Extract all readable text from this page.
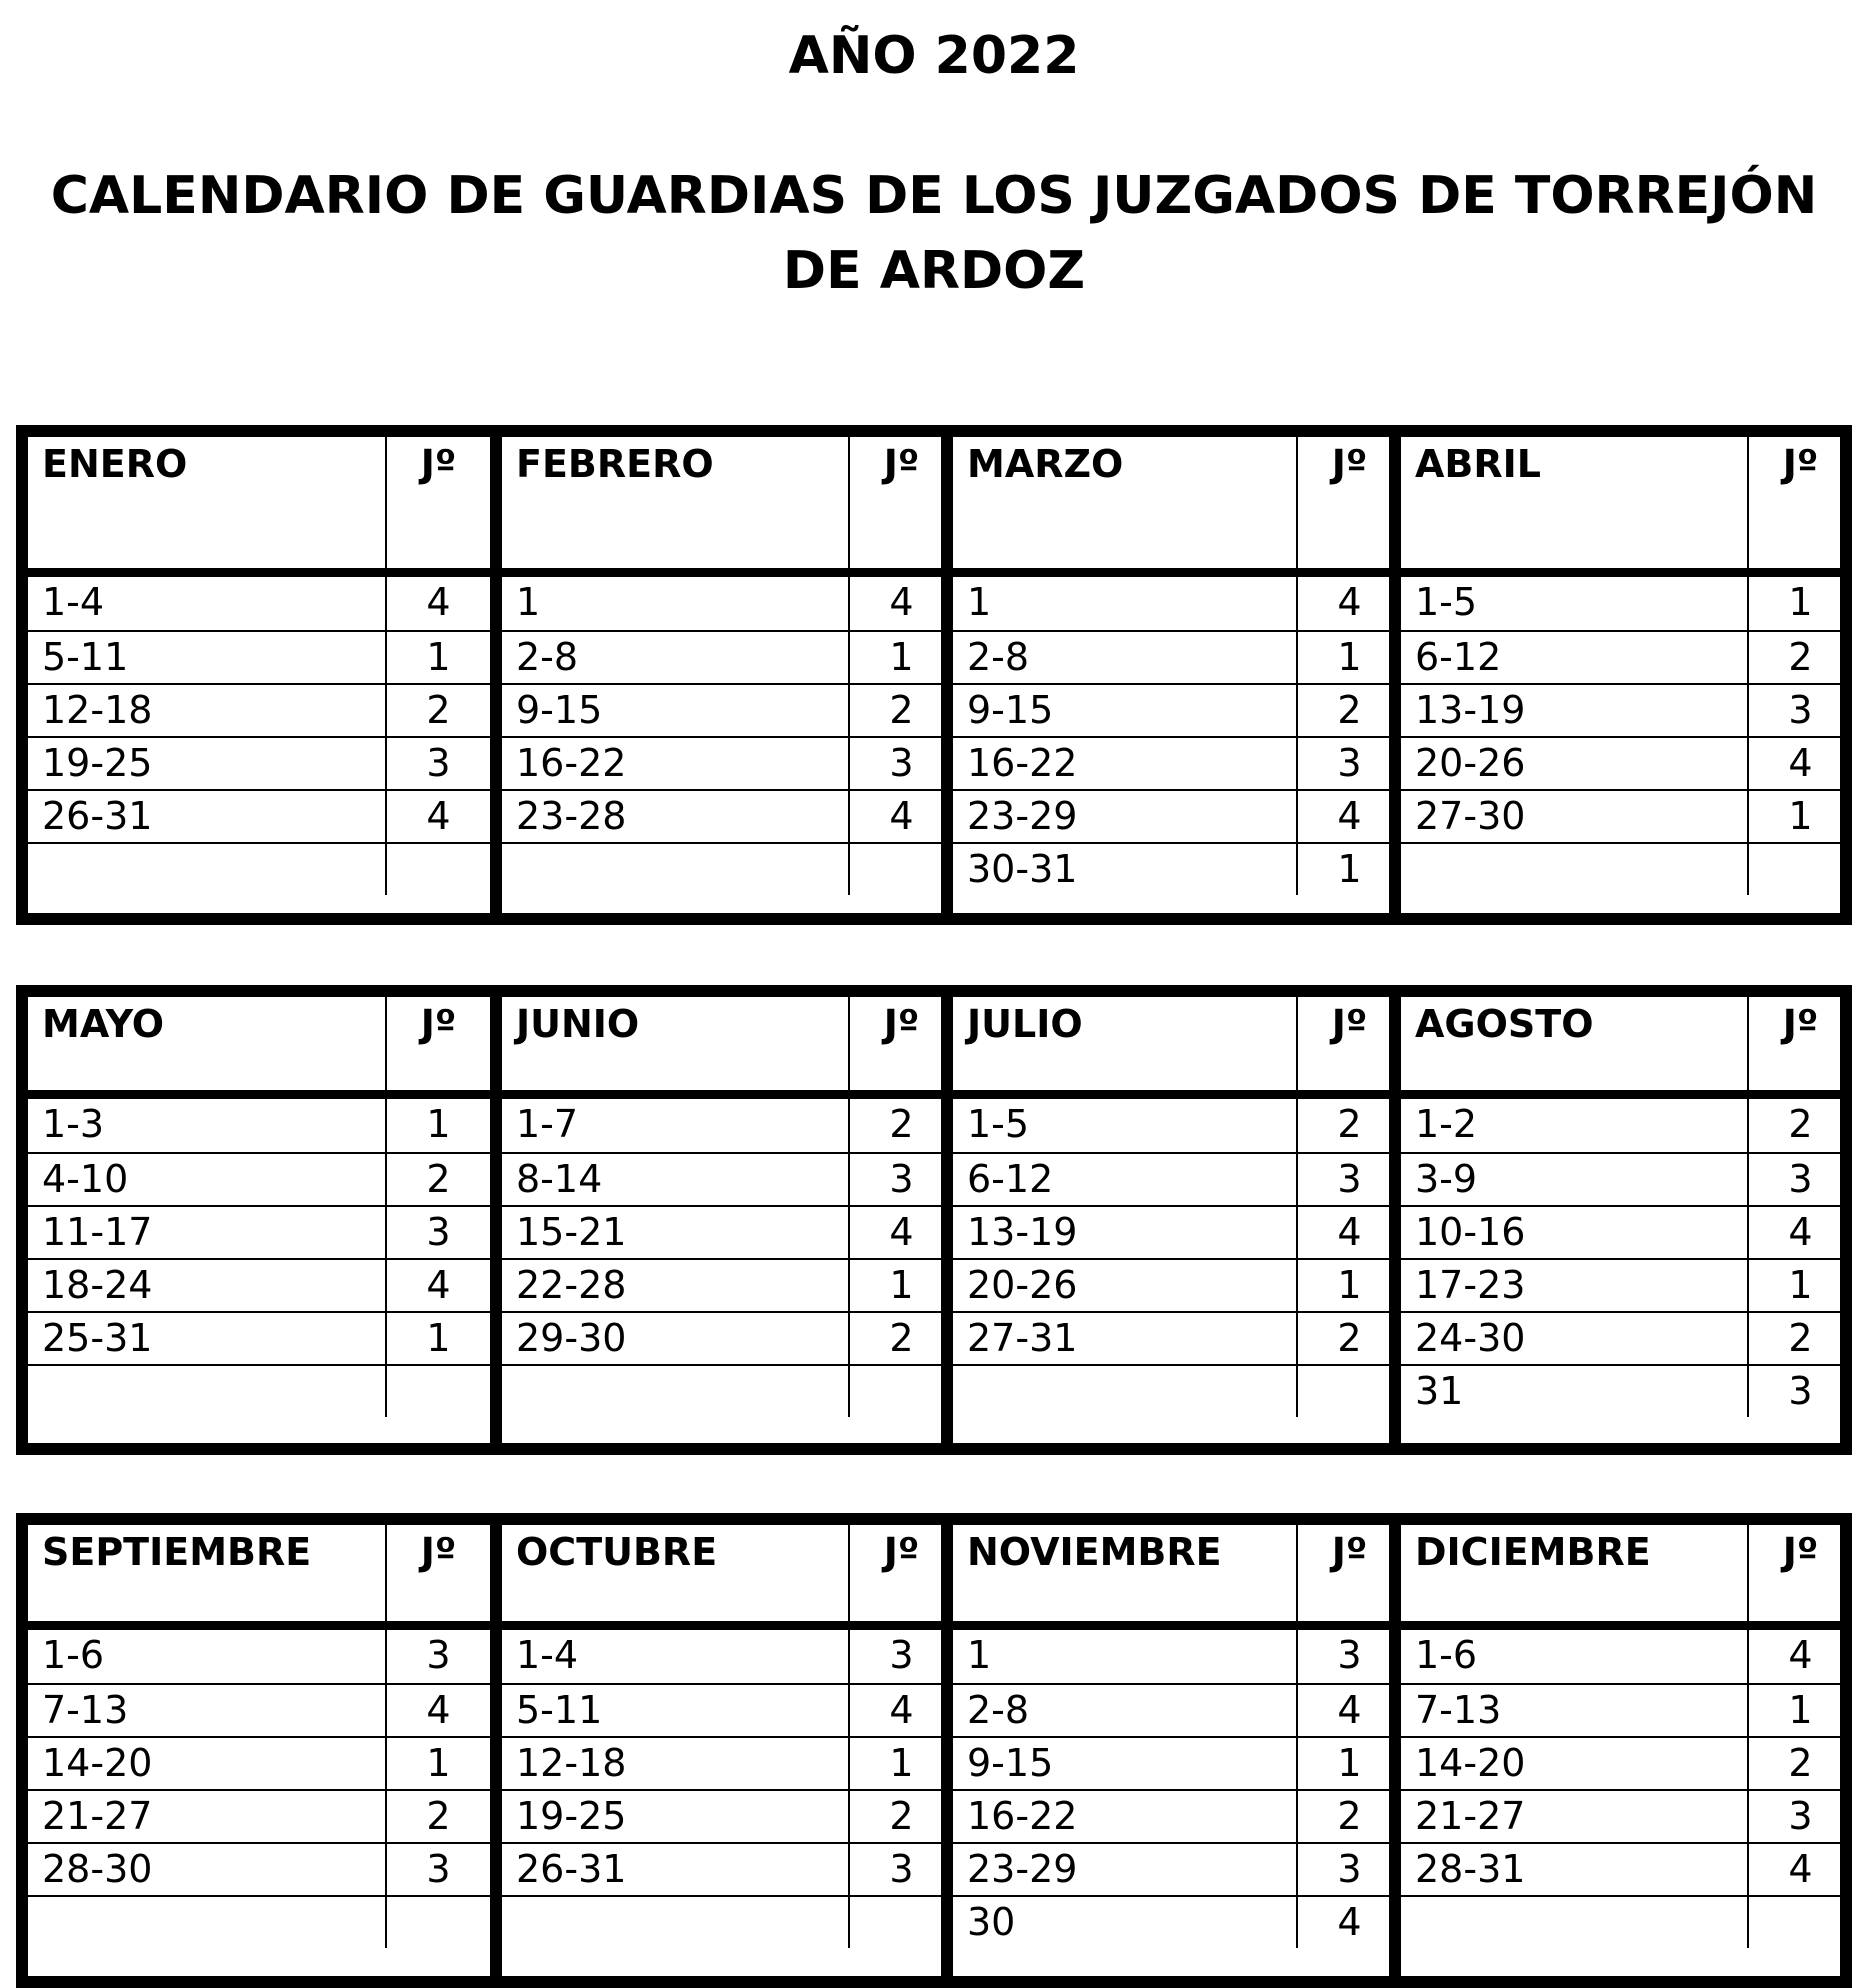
AÑO 2022
CALENDARIO DE GUARDIAS DE LOS JUZGADOS DE TORREJÓN
DE ARDOZ
ENERO	Jº
1-4	4
5-11	1
12-18	2
19-25	3
26-31	4
FEBRERO	Jº
1	4
2-8	1
9-15	2
16-22	3
23-28	4
MARZO	Jº
1	4
2-8	1
9-15	2
16-22	3
23-29	4
30-31	1
ABRIL	Jº
1-5	1
6-12	2
13-19	3
20-26	4
27-30	1
MAYO	Jº
1-3	1
4-10	2
11-17	3
18-24	4
25-31	1
JUNIO	Jº
1-7	2
8-14	3
15-21	4
22-28	1
29-30	2
JULIO	Jº
1-5	2
6-12	3
13-19	4
20-26	1
27-31	2
AGOSTO	Jº
1-2	2
3-9	3
10-16	4
17-23	1
24-30	2
31	3
SEPTIEMBRE	Jº
1-6	3
7-13	4
14-20	1
21-27	2
28-30	3
OCTUBRE	Jº
1-4	3
5-11	4
12-18	1
19-25	2
26-31	3
NOVIEMBRE	Jº
1	3
2-8	4
9-15	1
16-22	2
23-29	3
30	4
DICIEMBRE	Jº
1-6	4
7-13	1
14-20	2
21-27	3
28-31	4
